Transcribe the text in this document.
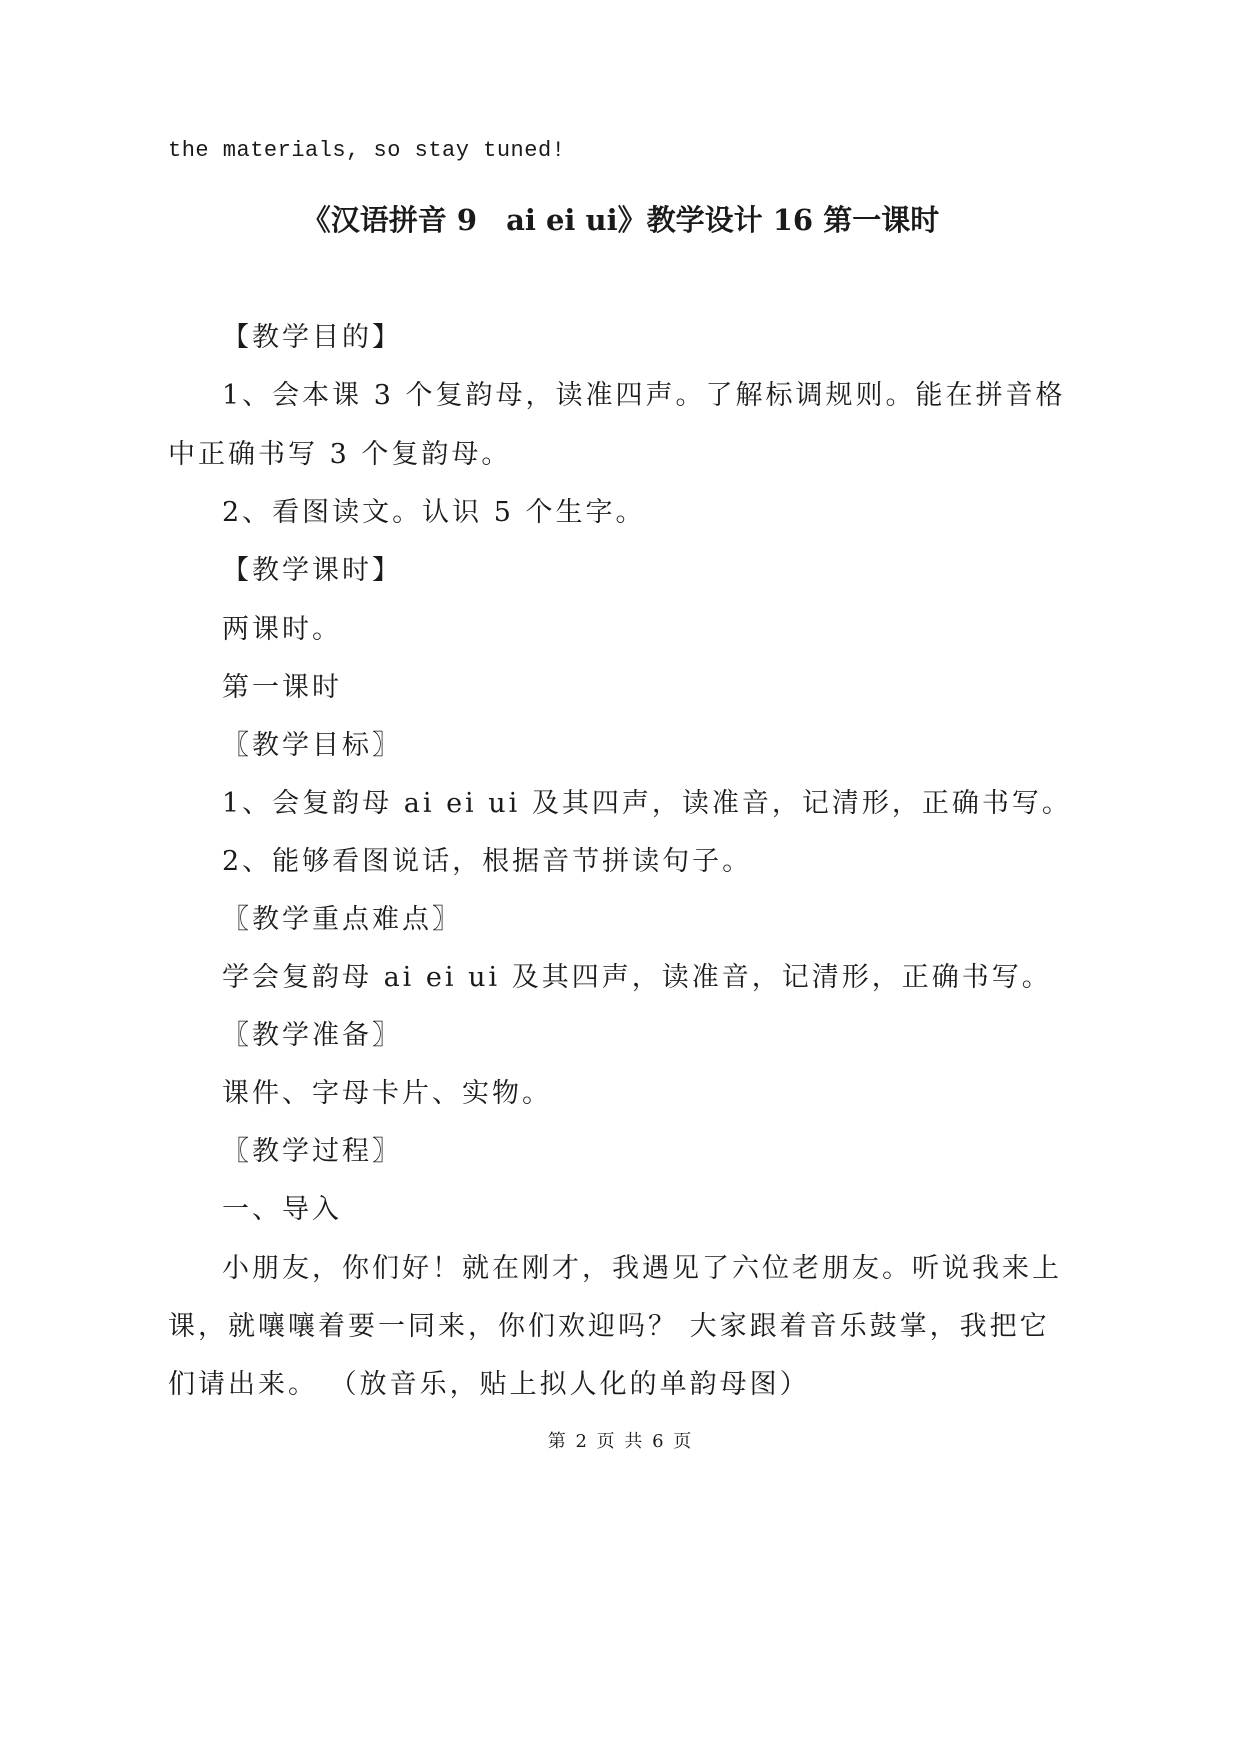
the materials, so stay tuned!

《汉语拼音 9　ai ei ui》教学设计 16 第一课时

【教学目的】

1、会本课 3 个复韵母，读准四声。了解标调规则。能在拼音格

中正确书写 3 个复韵母。

2、看图读文。认识 5 个生字。

【教学课时】

两课时。

第一课时

〖教学目标〗

1、会复韵母 ai ei ui 及其四声，读准音，记清形，正确书写。

2、能够看图说话，根据音节拼读句子。

〖教学重点难点〗

学会复韵母 ai ei ui 及其四声，读准音，记清形，正确书写。

〖教学准备〗

课件、字母卡片、实物。

〖教学过程〗

一、导入

小朋友，你们好！就在刚才，我遇见了六位老朋友。听说我来上

课，就嚷嚷着要一同来，你们欢迎吗？ 大家跟着音乐鼓掌，我把它

们请出来。 （放音乐，贴上拟人化的单韵母图）

第 2 页 共 6 页
